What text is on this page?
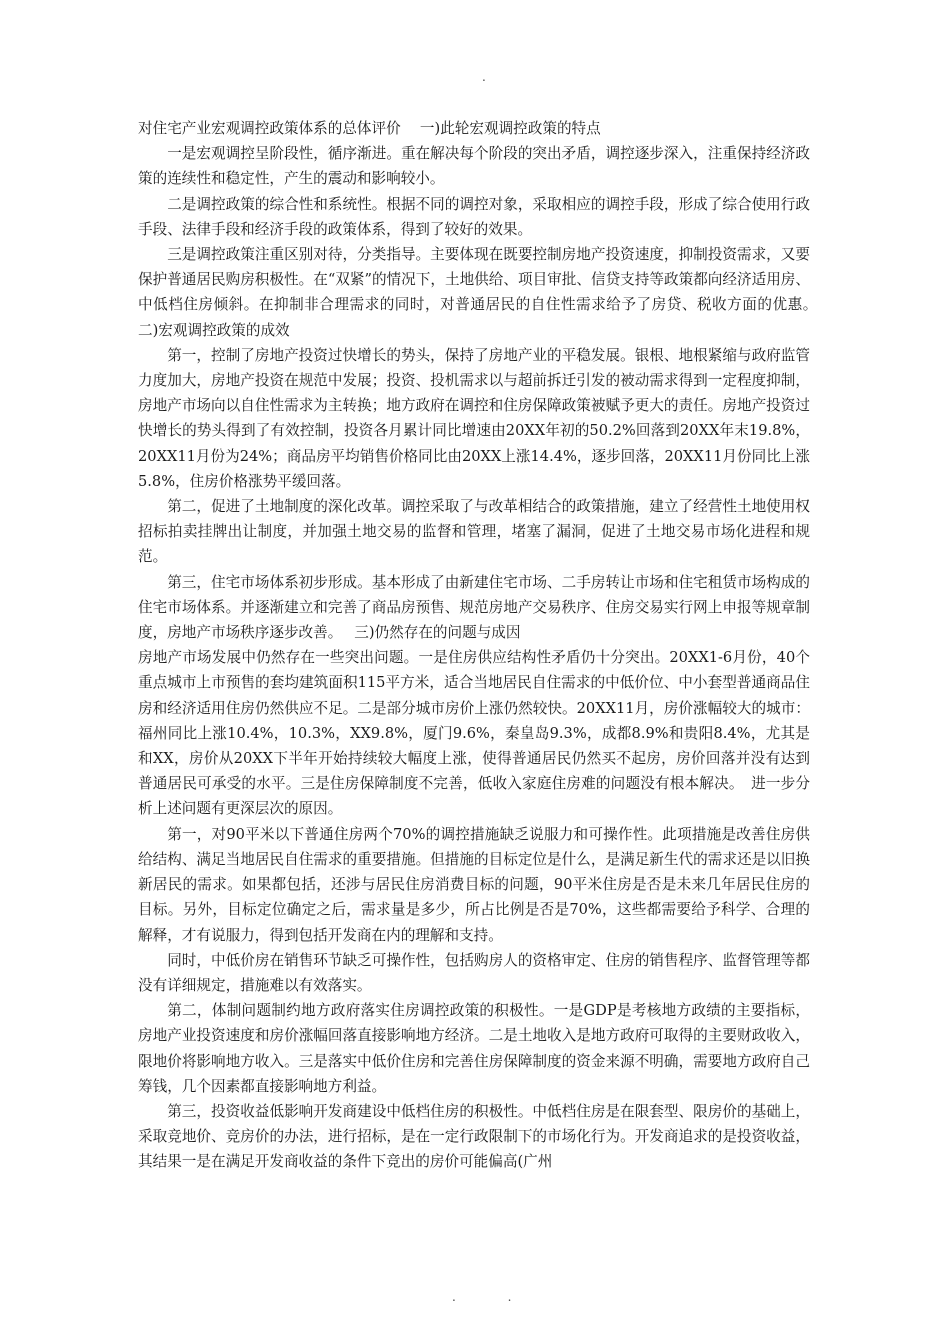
.

对住宅产业宏观调控政策体系的总体评价　 一)此轮宏观调控政策的特点

一是宏观调控呈阶段性，循序渐进。重在解决每个阶段的突出矛盾，调控逐步深入，注重保持经济政策的连续性和稳定性，产生的震动和影响较小。

二是调控政策的综合性和系统性。根据不同的调控对象，采取相应的调控手段，形成了综合使用行政手段、法律手段和经济手段的政策体系，得到了较好的效果。

三是调控政策注重区别对待，分类指导。主要体现在既要控制房地产投资速度，抑制投资需求，又要保护普通居民购房积极性。在“双紧”的情况下，土地供给、项目审批、信贷支持等政策都向经济适用房、中低档住房倾斜。在抑制非合理需求的同时，对普通居民的自住性需求给予了房贷、税收方面的优惠。　　 二)宏观调控政策的成效

第一，控制了房地产投资过快增长的势头，保持了房地产业的平稳发展。银根、地根紧缩与政府监管力度加大，房地产投资在规范中发展；投资、投机需求以与超前拆迁引发的被动需求得到一定程度抑制，房地产市场向以自住性需求为主转换；地方政府在调控和住房保障政策被赋予更大的责任。房地产投资过快增长的势头得到了有效控制，投资各月累计同比增速由20XX年初的50.2%回落到20XX年末19.8%，20XX11月份为24%；商品房平均销售价格同比由20XX上涨14.4%，逐步回落，20XX11月份同比上涨5.8%，住房价格涨势平缓回落。

第二，促进了土地制度的深化改革。调控采取了与改革相结合的政策措施，建立了经营性土地使用权招标拍卖挂牌出让制度，并加强土地交易的监督和管理，堵塞了漏洞，促进了土地交易市场化进程和规范。

第三，住宅市场体系初步形成。基本形成了由新建住宅市场、二手房转让市场和住宅租赁市场构成的住宅市场体系。并逐渐建立和完善了商品房预售、规范房地产交易秩序、住房交易实行网上申报等规章制度，房地产市场秩序逐步改善。　 三)仍然存在的问题与成因

房地产市场发展中仍然存在一些突出问题。一是住房供应结构性矛盾仍十分突出。20XX1-6月份，40个重点城市上市预售的套均建筑面积115平方米，适合当地居民自住需求的中低价位、中小套型普通商品住房和经济适用住房仍然供应不足。二是部分城市房价上涨仍然较快。20XX11月，房价涨幅较大的城市：福州同比上涨10.4%，10.3%，XX9.8%，厦门9.6%，秦皇岛9.3%，成都8.9%和贵阳8.4%，尤其是和XX，房价从20XX下半年开始持续较大幅度上涨，使得普通居民仍然买不起房，房价回落并没有达到普通居民可承受的水平。三是住房保障制度不完善，低收入家庭住房难的问题没有根本解决。　进一步分析上述问题有更深层次的原因。

第一，对90平米以下普通住房两个70%的调控措施缺乏说服力和可操作性。此项措施是改善住房供给结构、满足当地居民自住需求的重要措施。但措施的目标定位是什么，是满足新生代的需求还是以旧换新居民的需求。如果都包括，还涉与居民住房消费目标的问题，90平米住房是否是未来几年居民住房的目标。另外，目标定位确定之后，需求量是多少，所占比例是否是70%，这些都需要给予科学、合理的解释，才有说服力，得到包括开发商在内的理解和支持。

同时，中低价房在销售环节缺乏可操作性，包括购房人的资格审定、住房的销售程序、监督管理等都没有详细规定，措施难以有效落实。

第二，体制问题制约地方政府落实住房调控政策的积极性。一是GDP是考核地方政绩的主要指标，房地产业投资速度和房价涨幅回落直接影响地方经济。二是土地收入是地方政府可取得的主要财政收入，限地价将影响地方收入。三是落实中低价住房和完善住房保障制度的资金来源不明确，需要地方政府自己筹钱，几个因素都直接影响地方利益。

第三，投资收益低影响开发商建设中低档住房的积极性。中低档住房是在限套型、限房价的基础上，采取竞地价、竞房价的办法，进行招标，是在一定行政限制下的市场化行为。开发商追求的是投资收益，其结果一是在满足开发商收益的条件下竞出的房价可能偏高(广州

. .
